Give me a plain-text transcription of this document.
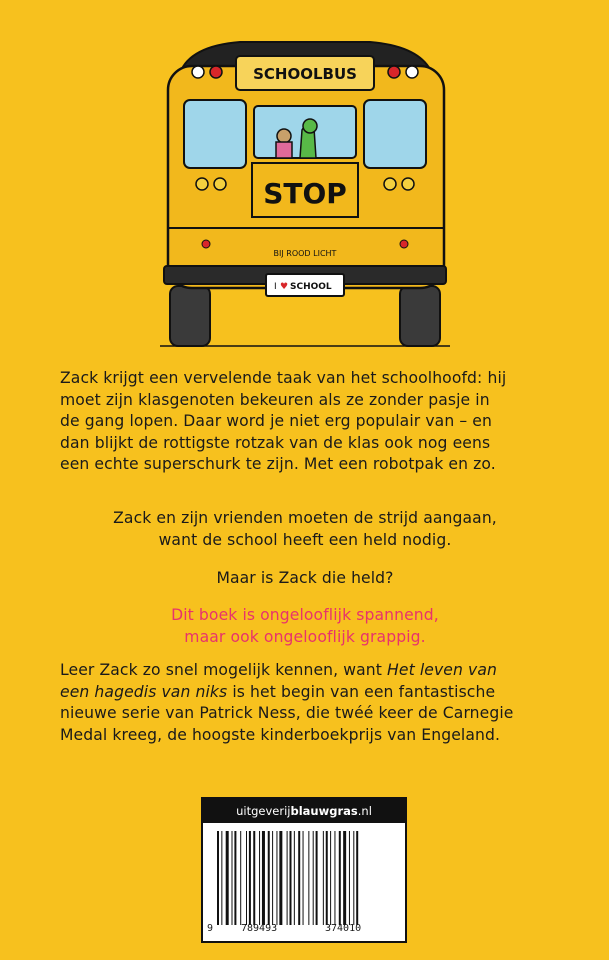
SCHOOLBUS
STOP
BIJ ROOD LICHT
I ♥ SCHOOL
Zack krijgt een vervelende taak van het schoolhoofd: hij
moet zijn klasgenoten bekeuren als ze zonder pasje in
de gang lopen. Daar word je niet erg populair van – en
dan blijkt de rottigste rotzak van de klas ook nog eens
een echte superschurk te zijn. Met een robotpak en zo.
Zack en zijn vrienden moeten de strijd aangaan,
want de school heeft een held nodig.
Maar is Zack die held?
Dit boek is ongelooflijk spannend,
maar ook ongelooflijk grappig.
Leer Zack zo snel mogelijk kennen, want Het leven van
een hagedis van niks is het begin van een fantastische
nieuwe serie van Patrick Ness, die twéé keer de Carnegie
Medal kreeg, de hoogste kinderboekprijs van Engeland.
uitgeverijblauwgras.nl
9	789493	374010
